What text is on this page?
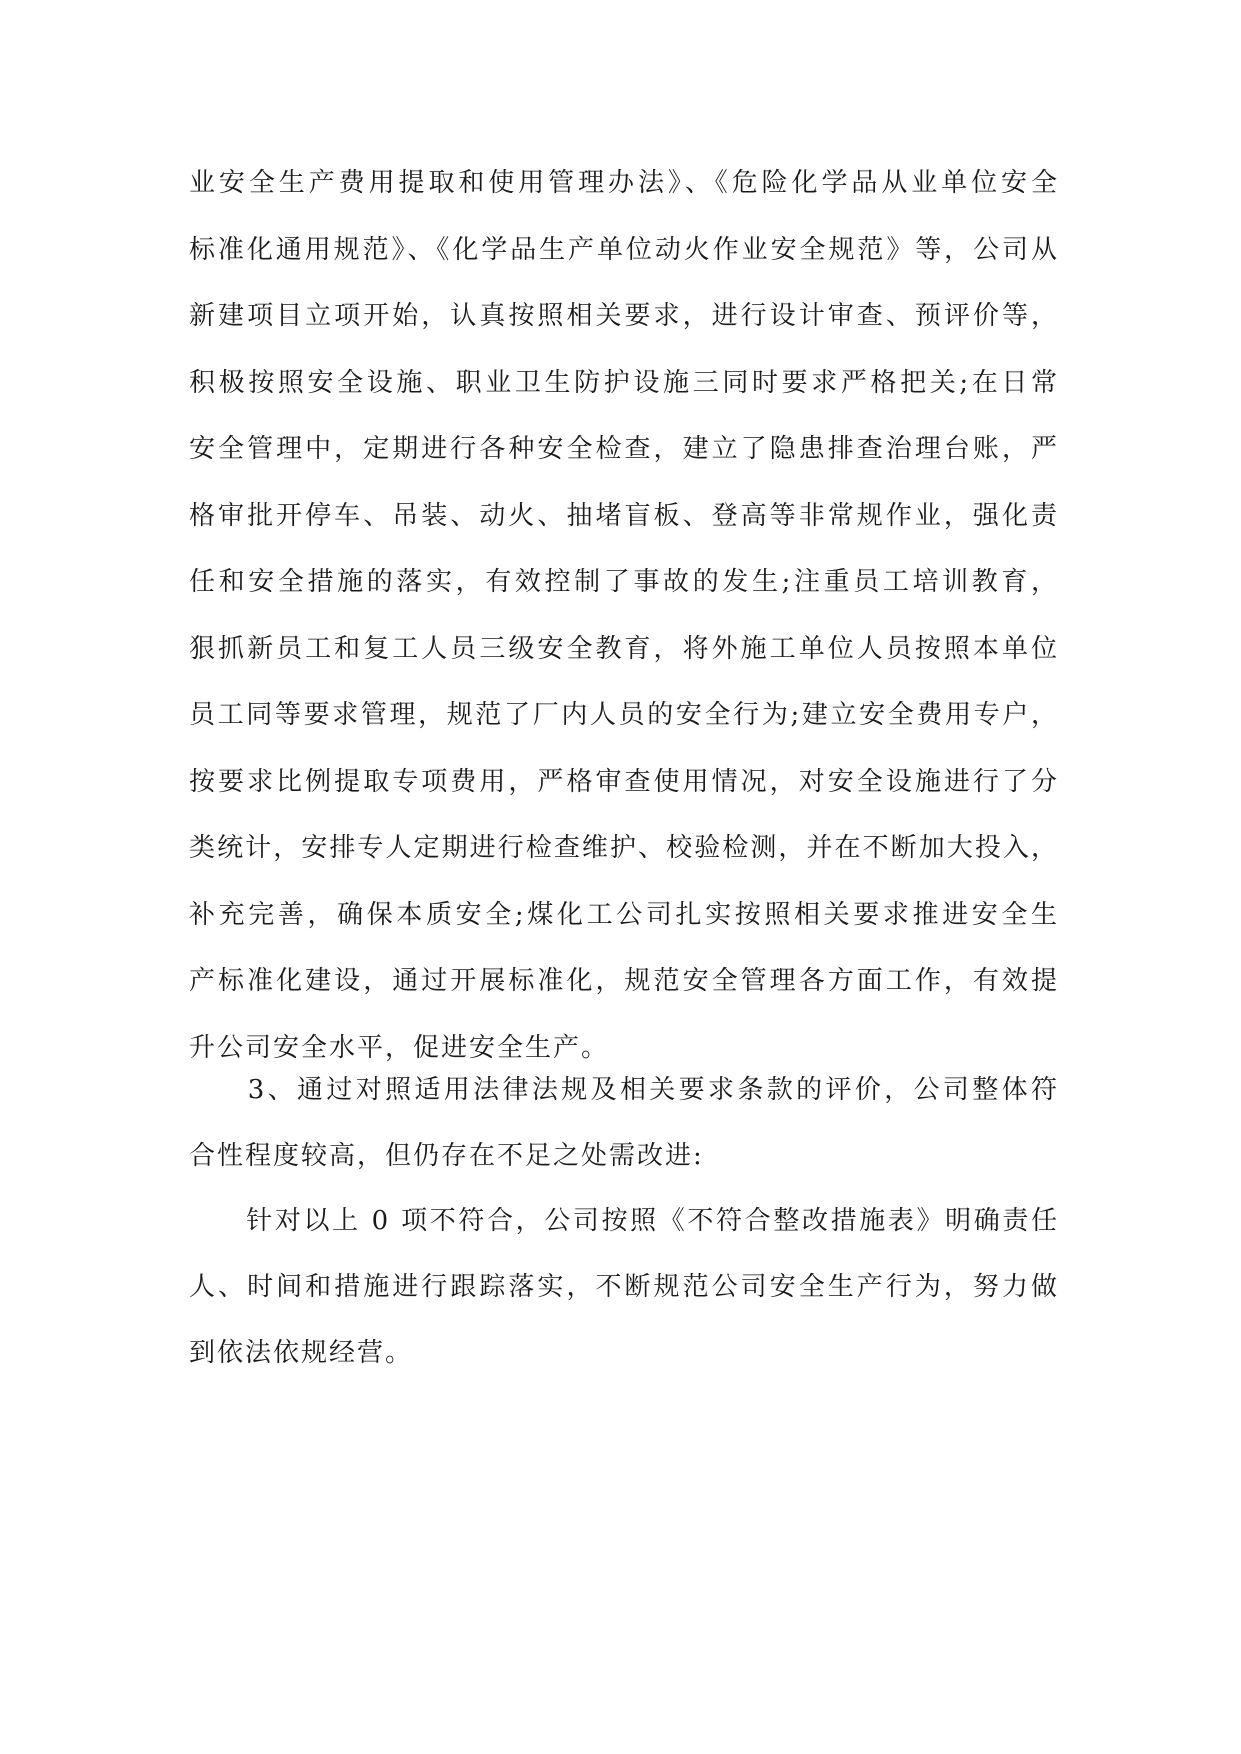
业安全生产费用提取和使用管理办法》、《危险化学品从业单位安全
标准化通用规范》、《化学品生产单位动火作业安全规范》等，公司从
新建项目立项开始，认真按照相关要求，进行设计审查、预评价等，
积极按照安全设施、职业卫生防护设施三同时要求严格把关;在日常
安全管理中，定期进行各种安全检查，建立了隐患排查治理台账，严
格审批开停车、吊装、动火、抽堵盲板、登高等非常规作业，强化责
任和安全措施的落实，有效控制了事故的发生;注重员工培训教育，
狠抓新员工和复工人员三级安全教育，将外施工单位人员按照本单位
员工同等要求管理，规范了厂内人员的安全行为;建立安全费用专户，
按要求比例提取专项费用，严格审查使用情况，对安全设施进行了分
类统计，安排专人定期进行检查维护、校验检测，并在不断加大投入，
补充完善，确保本质安全;煤化工公司扎实按照相关要求推进安全生
产标准化建设，通过开展标准化，规范安全管理各方面工作，有效提
升公司安全水平，促进安全生产。
　　3、通过对照适用法律法规及相关要求条款的评价，公司整体符
合性程度较高，但仍存在不足之处需改进:
　　针对以上 0 项不符合，公司按照《不符合整改措施表》明确责任
人、时间和措施进行跟踪落实，不断规范公司安全生产行为，努力做
到依法依规经营。
